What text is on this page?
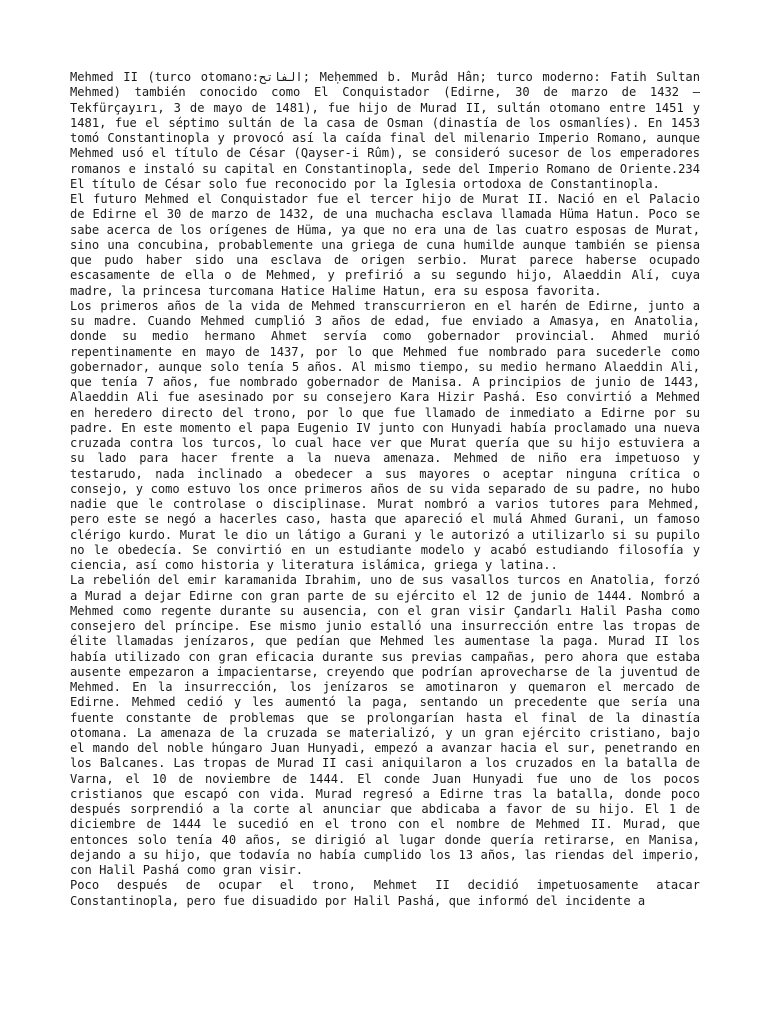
Mehmed II (turco otomano:الفاتح; Meḥemmed b. Murâd Hân; turco moderno: Fatih Sultan Mehmed) también conocido como El Conquistador (Edirne, 30 de marzo de 1432 — Tekfürçayırı, 3 de mayo de 1481), fue hijo de Murad II, sultán otomano entre 1451 y 1481, fue el séptimo sultán de la casa de Osman (dinastía de los osmanlíes). En 1453 tomó Constantinopla y provocó así la caída final del milenario Imperio Romano, aunque Mehmed usó el título de César (Qayser-i Rûm), se consideró sucesor de los emperadores romanos e instaló su capital en Constantinopla, sede del Imperio Romano de Oriente.234 El título de César solo fue reconocido por la Iglesia ortodoxa de Constantinopla.

El futuro Mehmed el Conquistador fue el tercer hijo de Murat II. Nació en el Palacio de Edirne el 30 de marzo de 1432, de una muchacha esclava llamada Hüma Hatun. Poco se sabe acerca de los orígenes de Hüma, ya que no era una de las cuatro esposas de Murat, sino una concubina, probablemente una griega de cuna humilde aunque también se piensa que pudo haber sido una esclava de origen serbio. Murat parece haberse ocupado escasamente de ella o de Mehmed, y prefirió a su segundo hijo, Alaeddin Alí, cuya madre, la princesa turcomana Hatice Halime Hatun, era su esposa favorita.

Los primeros años de la vida de Mehmed transcurrieron en el harén de Edirne, junto a su madre. Cuando Mehmed cumplió 3 años de edad, fue enviado a Amasya, en Anatolia, donde su medio hermano Ahmet servía como gobernador provincial. Ahmed murió repentinamente en mayo de 1437, por lo que Mehmed fue nombrado para sucederle como gobernador, aunque solo tenía 5 años. Al mismo tiempo, su medio hermano Alaeddin Ali, que tenía 7 años, fue nombrado gobernador de Manisa. A principios de junio de 1443, Alaeddin Ali fue asesinado por su consejero Kara Hizir Pashá. Eso convirtió a Mehmed en heredero directo del trono, por lo que fue llamado de inmediato a Edirne por su padre. En este momento el papa Eugenio IV junto con Hunyadi había proclamado una nueva cruzada contra los turcos, lo cual hace ver que Murat quería que su hijo estuviera a su lado para hacer frente a la nueva amenaza. Mehmed de niño era impetuoso y testarudo, nada inclinado a obedecer a sus mayores o aceptar ninguna crítica o consejo, y como estuvo los once primeros años de su vida separado de su padre, no hubo nadie que le controlase o disciplinase. Murat nombró a varios tutores para Mehmed, pero este se negó a hacerles caso, hasta que apareció el mulá Ahmed Gurani, un famoso clérigo kurdo. Murat le dio un látigo a Gurani y le autorizó a utilizarlo si su pupilo no le obedecía. Se convirtió en un estudiante modelo y acabó estudiando filosofía y ciencia, así como historia y literatura islámica, griega y latina..

La rebelión del emir karamanida Ibrahim, uno de sus vasallos turcos en Anatolia, forzó a Murad a dejar Edirne con gran parte de su ejército el 12 de junio de 1444. Nombró a Mehmed como regente durante su ausencia, con el gran visir Çandarlı Halil Pasha como consejero del príncipe. Ese mismo junio estalló una insurrección entre las tropas de élite llamadas jenízaros, que pedían que Mehmed les aumentase la paga. Murad II los había utilizado con gran eficacia durante sus previas campañas, pero ahora que estaba ausente empezaron a impacientarse, creyendo que podrían aprovecharse de la juventud de Mehmed. En la insurrección, los jenízaros se amotinaron y quemaron el mercado de Edirne. Mehmed cedió y les aumentó la paga, sentando un precedente que sería una fuente constante de problemas que se prolongarían hasta el final de la dinastía otomana. La amenaza de la cruzada se materializó, y un gran ejército cristiano, bajo el mando del noble húngaro Juan Hunyadi, empezó a avanzar hacia el sur, penetrando en los Balcanes. Las tropas de Murad II casi aniquilaron a los cruzados en la batalla de Varna, el 10 de noviembre de 1444. El conde Juan Hunyadi fue uno de los pocos cristianos que escapó con vida. Murad regresó a Edirne tras la batalla, donde poco después sorprendió a la corte al anunciar que abdicaba a favor de su hijo. El 1 de diciembre de 1444 le sucedió en el trono con el nombre de Mehmed II. Murad, que entonces solo tenía 40 años, se dirigió al lugar donde quería retirarse, en Manisa, dejando a su hijo, que todavía no había cumplido los 13 años, las riendas del imperio, con Halil Pashá como gran visir.

Poco después de ocupar el trono, Mehmet II decidió impetuosamente atacar Constantinopla, pero fue disuadido por Halil Pashá, que informó del incidente a
